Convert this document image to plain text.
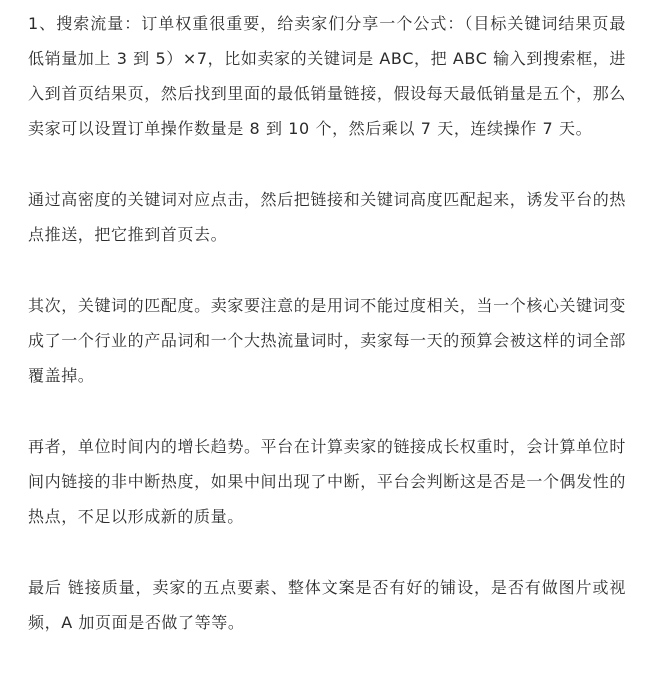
1、搜索流量：订单权重很重要，给卖家们分享一个公式：（目标关键词结果页最低销量加上 3 到 5）×7，比如卖家的关键词是 ABC，把 ABC 输入到搜索框，进入到首页结果页，然后找到里面的最低销量链接，假设每天最低销量是五个，那么卖家可以设置订单操作数量是 8 到 10 个，然后乘以 7 天，连续操作 7 天。

通过高密度的关键词对应点击，然后把链接和关键词高度匹配起来，诱发平台的热点推送，把它推到首页去。

其次，关键词的匹配度。卖家要注意的是用词不能过度相关，当一个核心关键词变成了一个行业的产品词和一个大热流量词时，卖家每一天的预算会被这样的词全部覆盖掉。

再者，单位时间内的增长趋势。平台在计算卖家的链接成长权重时，会计算单位时间内链接的非中断热度，如果中间出现了中断，平台会判断这是否是一个偶发性的热点，不足以形成新的质量。

最后 链接质量，卖家的五点要素、整体文案是否有好的铺设，是否有做图片或视频，A 加页面是否做了等等。
